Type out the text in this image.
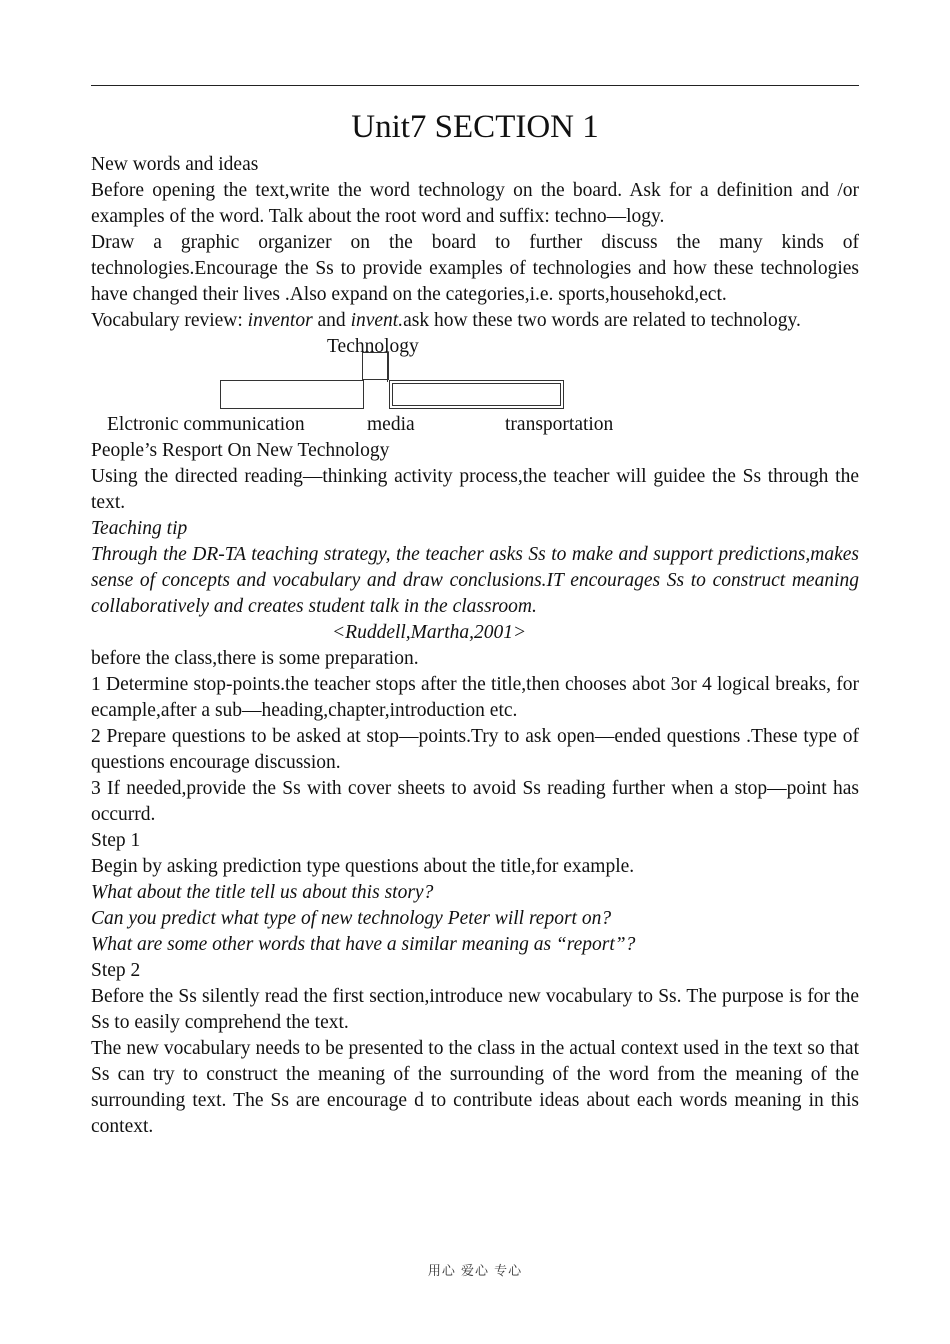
Unit7 SECTION 1

New words and ideas

Before opening the text,write the word technology on the board. Ask for a definition and /or examples of the word. Talk about the root word and suffix: techno—logy.

Draw a graphic organizer on the board to further discuss the many kinds of technologies.Encourage the Ss to provide examples of technologies and how these technologies have changed their lives .Also expand on the categories,i.e. sports,househokd,ect.

Vocabulary review: inventor and invent.ask how these two words are related to technology.

Technology
Elctronic communication	media	transportation

People’s Resport On New Technology

Using the directed reading—thinking activity process,the teacher will guidee the Ss through the text.

Teaching tip

Through the DR-TA teaching strategy, the teacher asks Ss to make and support predictions,makes sense of concepts and vocabulary and draw conclusions.IT encourages Ss to construct meaning collaboratively and creates student talk in the classroom.

<Ruddell,Martha,2001>

before the class,there is some preparation.

1 Determine stop-points.the teacher stops after the title,then chooses abot 3or 4 logical breaks, for ecample,after a sub—heading,chapter,introduction etc.

2 Prepare questions to be asked at stop—points.Try to ask open—ended questions .These type of questions encourage discussion.

3 If needed,provide the Ss with cover sheets to avoid Ss reading further when a stop—point has occurrd.

Step 1

Begin by asking prediction type questions about the title,for example.

What about the title tell us about this story?

Can you predict what type of new technology Peter will report on?

What are some other words that have a similar meaning as “report”?

Step 2

Before the Ss silently read the first section,introduce new vocabulary to Ss. The purpose is for the Ss to easily comprehend the text.

The new vocabulary needs to be presented to the class in the actual context used in the text so that Ss can try to construct the meaning of the surrounding of the word from the meaning of the surrounding text. The Ss are encourage d to contribute ideas about each words meaning in this context.

用心 爱心 专心
